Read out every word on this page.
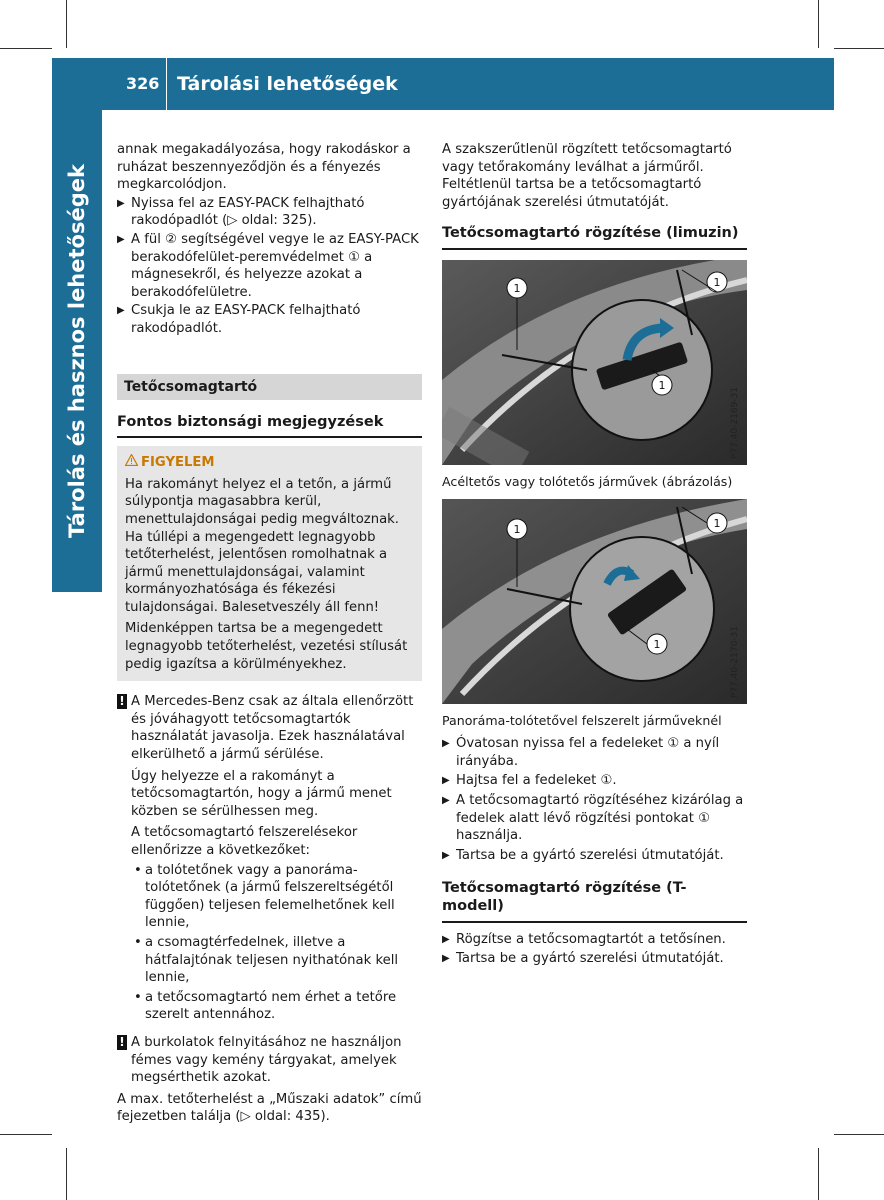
326 Tárolási lehetőségek
Tárolás és hasznos lehetőségek

annak megakadályozása, hogy rakodáskor a ruházat beszennyeződjön és a fényezés megkarcolódjon.

▶ Nyissa fel az EASY-PACK felhajtható rakodópadlót (▷ oldal: 325).

▶ A fül ② segítségével vegye le az EASY-PACK berakodófelület-peremvédelmet ① a mágnesekről, és helyezze azokat a berakodófelületre.

▶ Csukja le az EASY-PACK felhajtható rakodópadlót.

Tetőcsomagtartó
Fontos biztonsági megjegyzések

FIGYELEM

Ha rakományt helyez el a tetőn, a jármű súlypontja magasabbra kerül, menettulajdonságai pedig megváltoznak. Ha túllépi a megengedett legnagyobb tetőterhelést, jelentősen romolhatnak a jármű menettulajdonságai, valamint kormányozhatósága és fékezési tulajdonságai. Balesetveszély áll fenn!

Midenképpen tartsa be a megengedett legnagyobb tetőterhelést, vezetési stílusát pedig igazítsa a körülményekhez.

! A Mercedes-Benz csak az általa ellenőrzött és jóváhagyott tetőcsomagtartók használatát javasolja. Ezek használatával elkerülhető a jármű sérülése.

Úgy helyezze el a rakományt a tetőcsomagtartón, hogy a jármű menet közben se sérülhessen meg.

A tetőcsomagtartó felszerelésekor ellenőrizze a következőket:

• a tolótetőnek vagy a panoráma-tolótetőnek (a jármű felszereltségétől függően) teljesen felemelhetőnek kell lennie,

• a csomagtérfedelnek, illetve a hátfalajtónak teljesen nyithatónak kell lennie,

• a tetőcsomagtartó nem érhet a tetőre szerelt antennához.

! A burkolatok felnyitásához ne használjon fémes vagy kemény tárgyakat, amelyek megsérthetik azokat.

A max. tetőterhelést a „Műszaki adatok” című fejezetben találja (▷ oldal: 435).

A szakszerűtlenül rögzített tetőcsomagtartó vagy tetőrakomány leválhat a járműről. Feltétlenül tartsa be a tetőcsomagtartó gyártójának szerelési útmutatóját.

Tetőcsomagtartó rögzítése (limuzin)
1	1
1
P77.40-2169-31

Acéltetős vagy tolótetős járművek (ábrázolás)

1	1
1	P77.40-2170-31

Panoráma-tolótetővel felszerelt járműveknél

▶ Óvatosan nyissa fel a fedeleket ① a nyíl irányába.

▶ Hajtsa fel a fedeleket ①.

▶ A tetőcsomagtartó rögzítéséhez kizárólag a fedelek alatt lévő rögzítési pontokat ① használja.

▶ Tartsa be a gyártó szerelési útmutatóját.

Tetőcsomagtartó rögzítése (T-modell)

▶ Rögzítse a tetőcsomagtartót a tetősínen.

▶ Tartsa be a gyártó szerelési útmutatóját.
